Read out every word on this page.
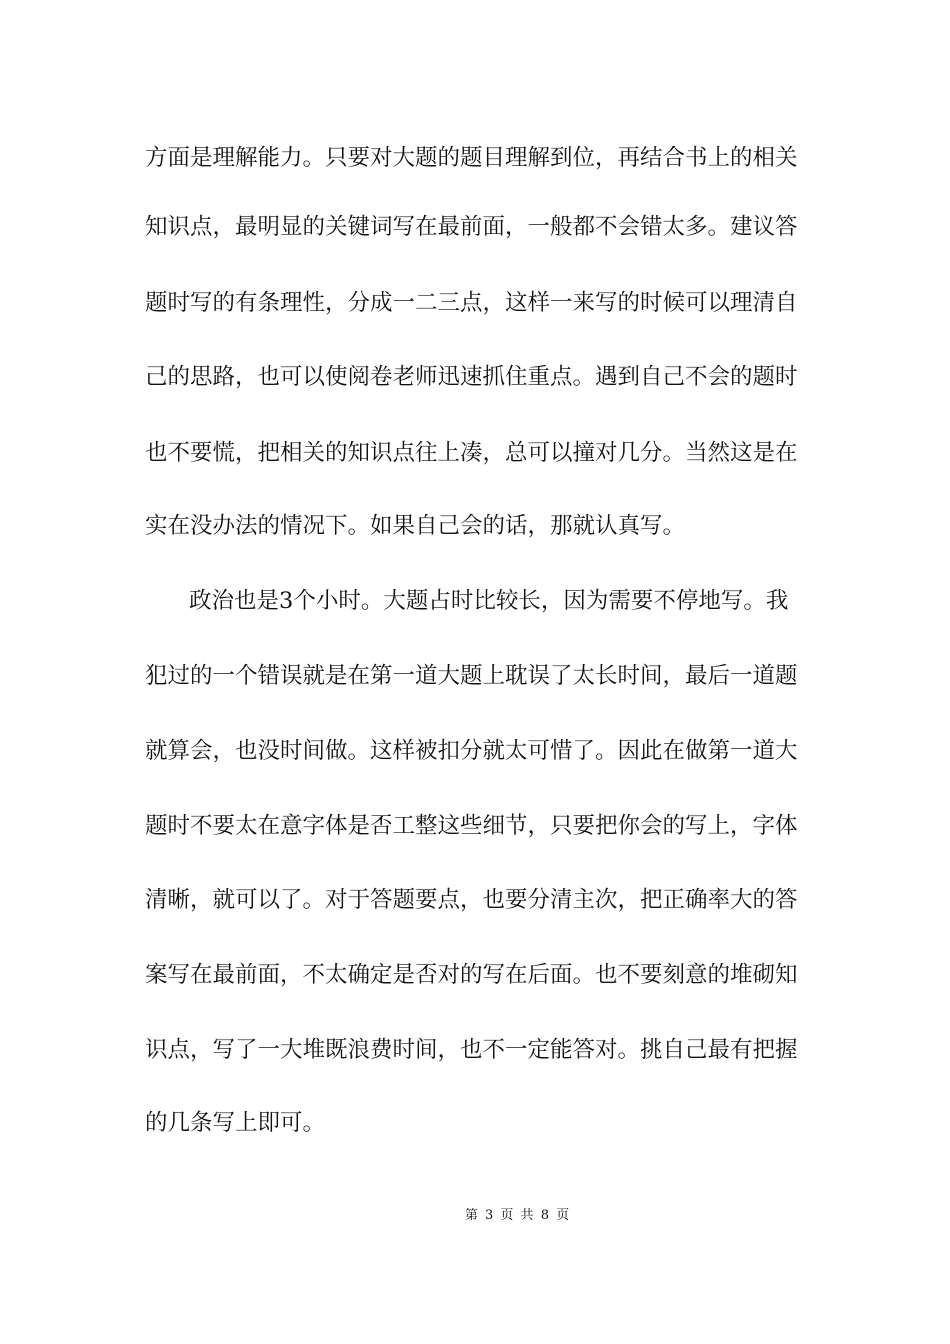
方面是理解能力。只要对大题的题目理解到位，再结合书上的相关
知识点，最明显的关键词写在最前面，一般都不会错太多。建议答
题时写的有条理性，分成一二三点，这样一来写的时候可以理清自
己的思路，也可以使阅卷老师迅速抓住重点。遇到自己不会的题时
也不要慌，把相关的知识点往上凑，总可以撞对几分。当然这是在
实在没办法的情况下。如果自己会的话，那就认真写。
政治也是3个小时。大题占时比较长，因为需要不停地写。我
犯过的一个错误就是在第一道大题上耽误了太长时间，最后一道题
就算会，也没时间做。这样被扣分就太可惜了。因此在做第一道大
题时不要太在意字体是否工整这些细节，只要把你会的写上，字体
清晰，就可以了。对于答题要点，也要分清主次，把正确率大的答
案写在最前面，不太确定是否对的写在后面。也不要刻意的堆砌知
识点，写了一大堆既浪费时间，也不一定能答对。挑自己最有把握
的几条写上即可。
第 3 页 共 8 页
